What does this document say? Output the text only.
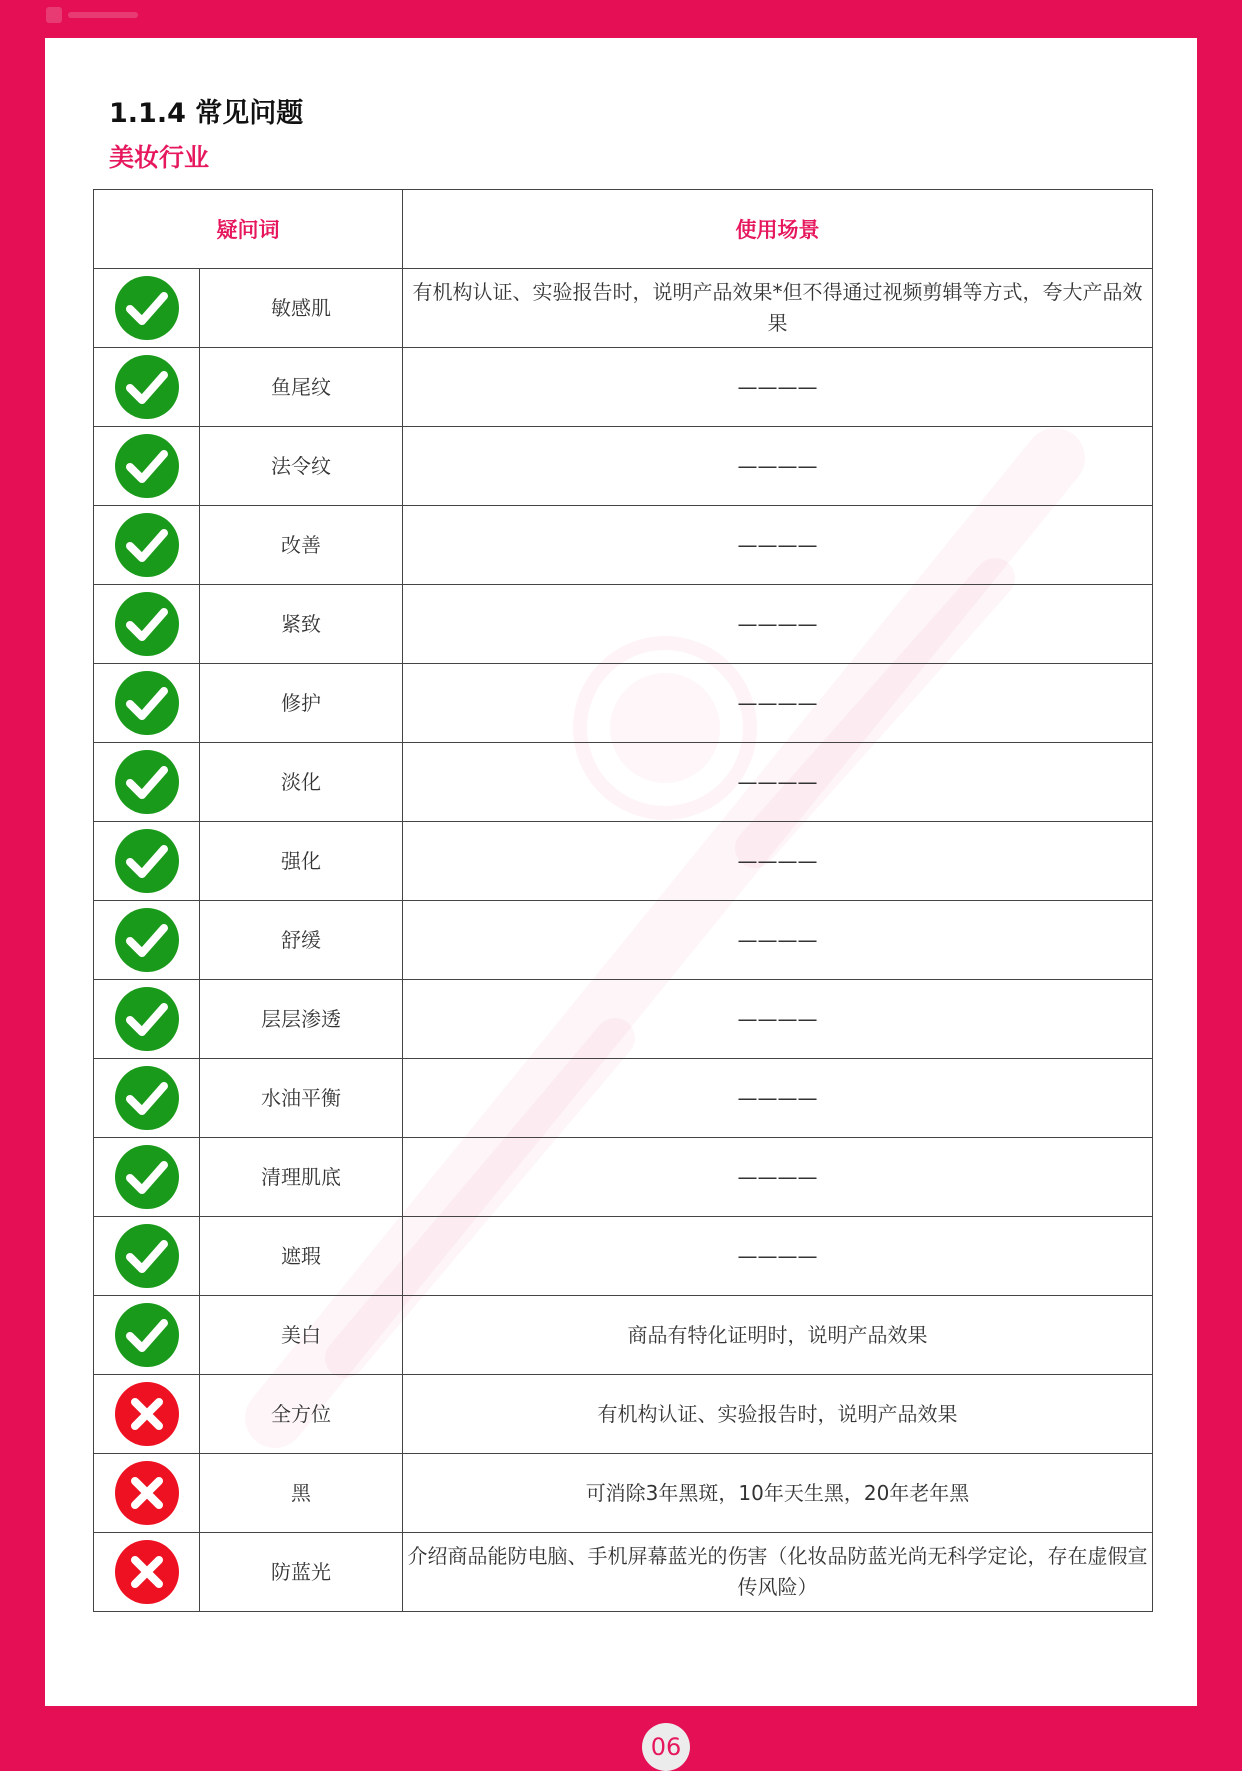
1.1.4 常见问题
美妆行业
疑问词		使用场景

	敏感肌	有机构认证、实验报告时，说明产品效果*但不得通过视频剪辑等方式，夸大产品效果

	鱼尾纹	————

	法令纹	————

	改善	————

	紧致	————

	修护	————

	淡化	————

	强化	————

	舒缓	————

	层层渗透	————

	水油平衡	————

	清理肌底	————

	遮瑕	————

	美白	商品有特化证明时，说明产品效果

	全方位	有机构认证、实验报告时，说明产品效果

	黑	可消除3年黑斑，10年天生黑，20年老年黑

	防蓝光	介绍商品能防电脑、手机屏幕蓝光的伤害（化妆品防蓝光尚无科学定论，存在虚假宣传风险）
06
